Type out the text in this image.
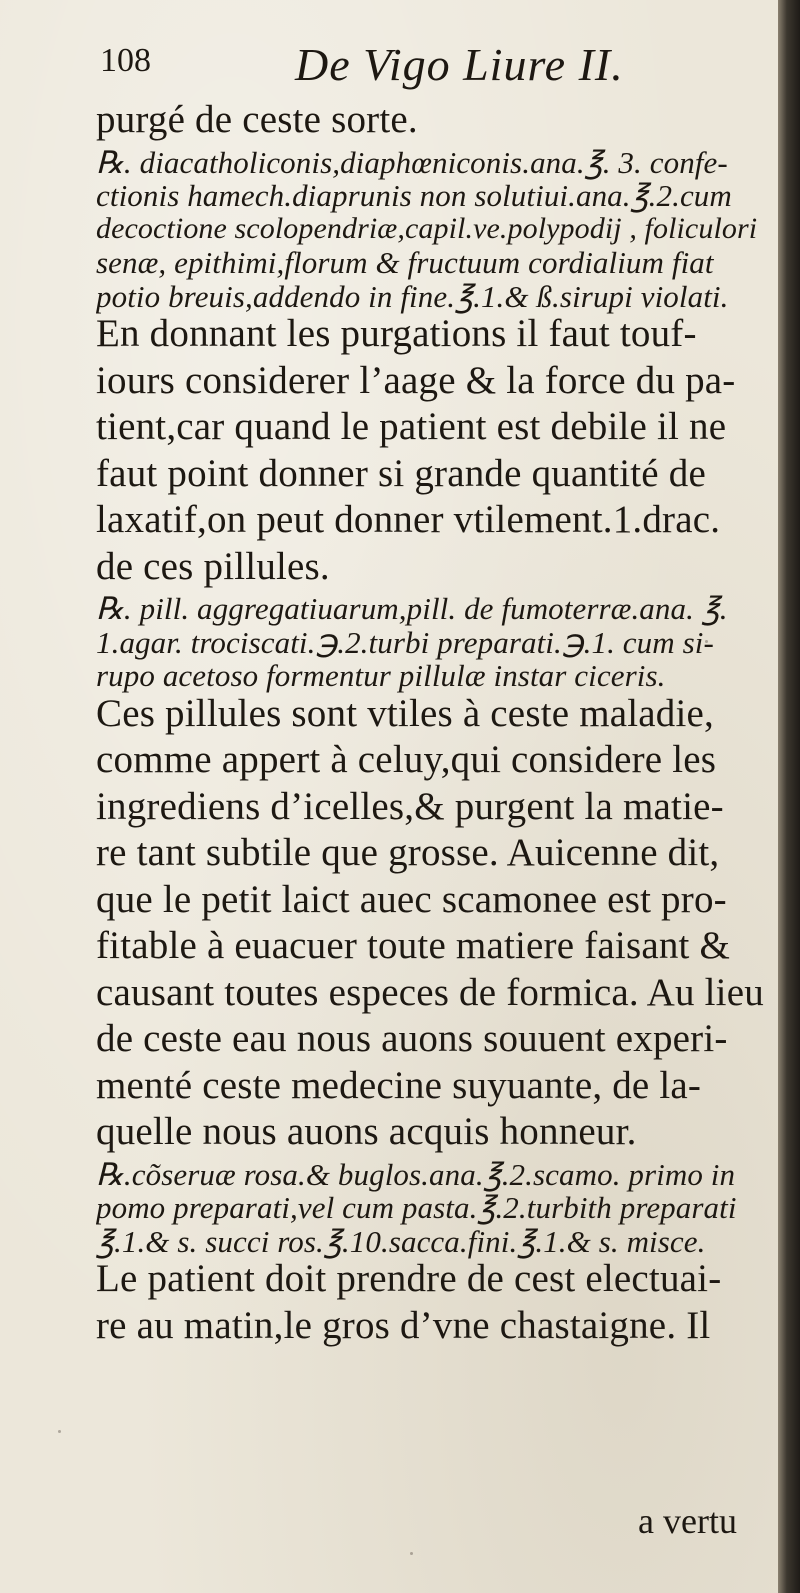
108	De Vigo Liure II.
purgé de ceste sorte.
℞. diacatholiconis,diaphœniconis.ana.℥. 3. confe-
ctionis hamech.diaprunis non solutiui.ana.℥.2.cum
decoctione scolopendriæ,capil.ve.polypodij , foliculori
senæ, epithimi,florum & fructuum cordialium fiat
potio breuis,addendo in fine.℥.1.& ß.sirupi violati.
En donnant les purgations il faut touf-
iours considerer l’aage & la force du pa-
tient,car quand le patient est debile il ne
faut point donner si grande quantité de
laxatif,on peut donner vtilement.1.drac.
de ces pillules.
℞. pill. aggregatiuarum,pill. de fumoterræ.ana. ℥.
1.agar. trociscati.℈.2.turbi preparati.℈.1. cum si-
rupo acetoso formentur pillulæ instar ciceris.
Ces pillules sont vtiles à ceste maladie,
comme appert à celuy,qui considere les
ingrediens d’icelles,& purgent la matie-
re tant subtile que grosse. Auicenne dit,
que le petit laict auec scamonee est pro-
fitable à euacuer toute matiere faisant &
causant toutes especes de formica. Au lieu
de ceste eau nous auons souuent experi-
menté ceste medecine suyuante, de la-
quelle nous auons acquis honneur.
℞.cõseruæ rosa.& buglos.ana.℥.2.scamo. primo in
pomo preparati,vel cum pasta.℥.2.turbith preparati
℥.1.& s. succi ros.℥.10.saccа.fini.℥.1.& s. misce.
Le patient doit prendre de cest electuai-
re au matin,le gros d’vne chastaigne. Il
a vertu
